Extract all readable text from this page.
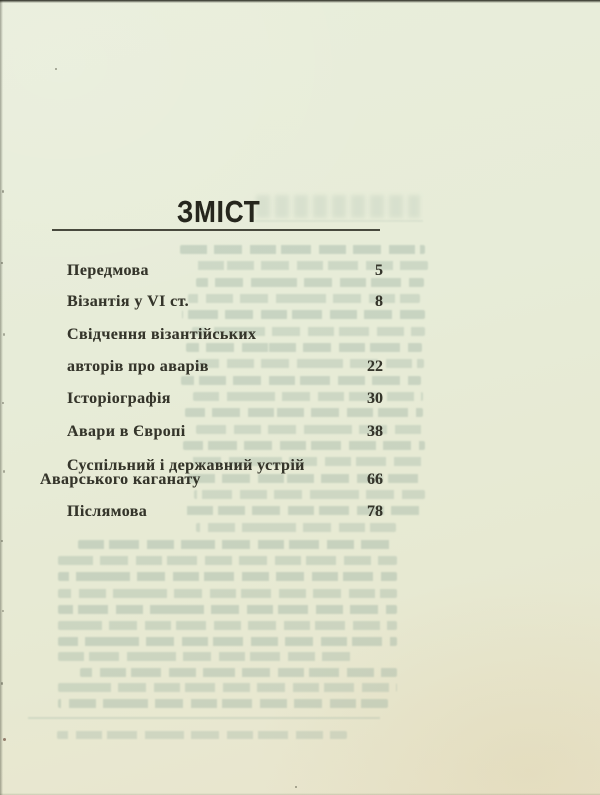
ЗМІСТ
Передмова	5
Візантія у VI ст.	8
Свідчення візантійських
авторів про аварів	22
Історіографія	30
Авари в Європі	38
Суспільний і державний устрій
Аварського каганату	66
Післямова	78
